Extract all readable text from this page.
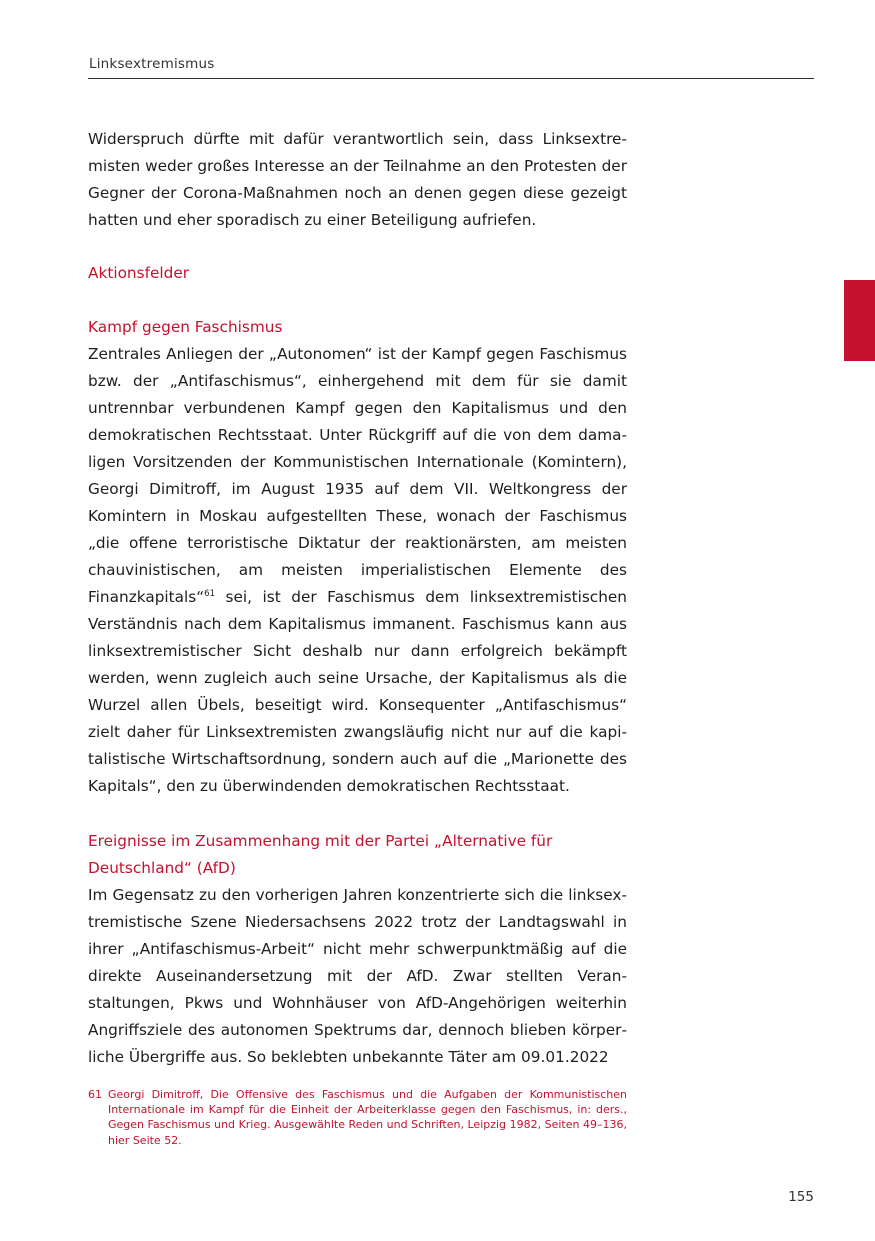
Linksextremismus

Widerspruch dürfte mit dafür verantwortlich sein, dass Linksextremisten weder großes Interesse an der Teilnahme an den Protesten der Gegner der Corona-Maßnahmen noch an denen gegen diese gezeigt hatten und eher sporadisch zu einer Beteiligung aufriefen.

Aktionsfelder
Kampf gegen Faschismus

Zentrales Anliegen der „Autonomen“ ist der Kampf gegen Faschismus bzw. der „Antifaschismus“, einhergehend mit dem für sie damit untrennbar verbundenen Kampf gegen den Kapitalismus und den demokratischen Rechtsstaat. Unter Rückgriff auf die von dem damaligen Vorsitzenden der Kommunistischen Internationale (Komintern), Georgi Dimitroff, im August 1935 auf dem VII. Weltkongress der Komintern in Moskau aufgestellten These, wonach der Faschismus „die offene terroristische Diktatur der reaktionärsten, am meisten chauvinistischen, am meisten imperialistischen Elemente des Finanzkapitals“$^{61}$ sei, ist der Faschismus dem linksextremistischen Verständnis nach dem Kapitalismus immanent. Faschismus kann aus linksextremistischer Sicht deshalb nur dann erfolgreich bekämpft werden, wenn zugleich auch seine Ursache, der Kapitalismus als die Wurzel allen Übels, beseitigt wird. Konsequenter „Antifaschismus“ zielt daher für Linksextremisten zwangsläufig nicht nur auf die kapitalistische Wirtschaftsordnung, sondern auch auf die „Marionette des Kapitals“, den zu überwindenden demokratischen Rechtsstaat.

Ereignisse im Zusammenhang mit der Partei „Alternative für Deutschland“ (AfD)

Im Gegensatz zu den vorherigen Jahren konzentrierte sich die linksextremistische Szene Niedersachsens 2022 trotz der Landtagswahl in ihrer „Antifaschismus-Arbeit“ nicht mehr schwerpunktmäßig auf die direkte Auseinandersetzung mit der AfD. Zwar stellten Veranstaltungen, Pkws und Wohnhäuser von AfD-Angehörigen weiterhin Angriffsziele des autonomen Spektrums dar, dennoch blieben körperliche Übergriffe aus. So beklebten unbekannte Täter am 09.01.2022

61 Georgi Dimitroff, Die Offensive des Faschismus und die Aufgaben der Kommunistischen Internationale im Kampf für die Einheit der Arbeiterklasse gegen den Faschismus, in: ders., Gegen Faschismus und Krieg. Ausgewählte Reden und Schriften, Leipzig 1982, Seiten 49–136, hier Seite 52.
155
